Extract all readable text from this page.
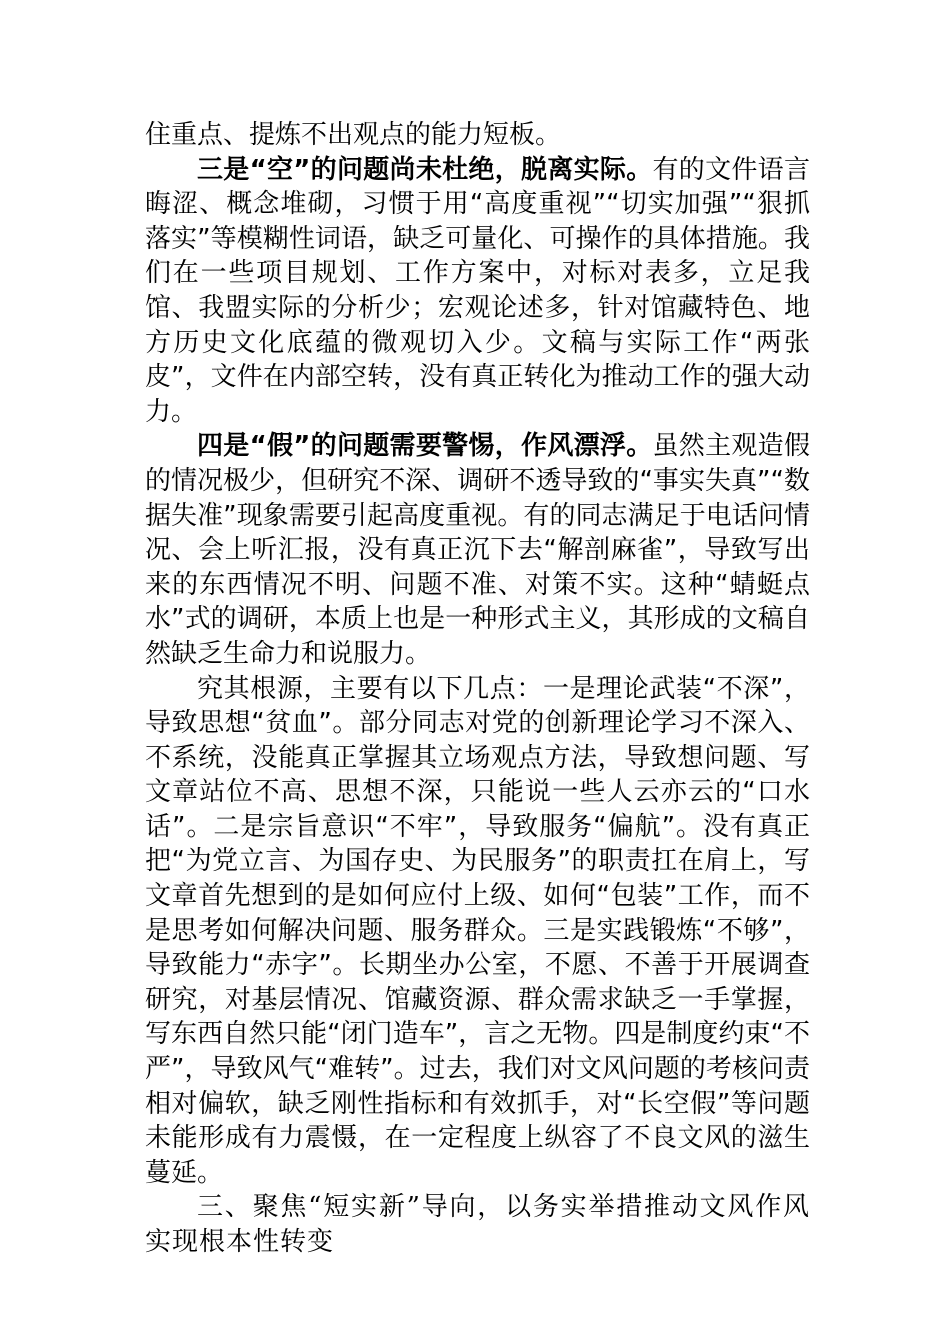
住重点、提炼不出观点的能力短板。

三是“空”的问题尚未杜绝，脱离实际。有的文件语言晦涩、概念堆砌，习惯于用“高度重视”“切实加强”“狠抓落实”等模糊性词语，缺乏可量化、可操作的具体措施。我们在一些项目规划、工作方案中，对标对表多，立足我馆、我盟实际的分析少；宏观论述多，针对馆藏特色、地方历史文化底蕴的微观切入少。文稿与实际工作“两张皮”，文件在内部空转，没有真正转化为推动工作的强大动力。

四是“假”的问题需要警惕，作风漂浮。虽然主观造假的情况极少，但研究不深、调研不透导致的“事实失真”“数据失准”现象需要引起高度重视。有的同志满足于电话问情况、会上听汇报，没有真正沉下去“解剖麻雀”，导致写出来的东西情况不明、问题不准、对策不实。这种“蜻蜓点水”式的调研，本质上也是一种形式主义，其形成的文稿自然缺乏生命力和说服力。

究其根源，主要有以下几点：一是理论武装“不深”，导致思想“贫血”。部分同志对党的创新理论学习不深入、不系统，没能真正掌握其立场观点方法，导致想问题、写文章站位不高、思想不深，只能说一些人云亦云的“口水话”。二是宗旨意识“不牢”，导致服务“偏航”。没有真正把“为党立言、为国存史、为民服务”的职责扛在肩上，写文章首先想到的是如何应付上级、如何“包装”工作，而不是思考如何解决问题、服务群众。三是实践锻炼“不够”，导致能力“赤字”。长期坐办公室，不愿、不善于开展调查研究，对基层情况、馆藏资源、群众需求缺乏一手掌握，写东西自然只能“闭门造车”，言之无物。四是制度约束“不严”，导致风气“难转”。过去，我们对文风问题的考核问责相对偏软，缺乏刚性指标和有效抓手，对“长空假”等问题未能形成有力震慑，在一定程度上纵容了不良文风的滋生蔓延。

三、聚焦“短实新”导向，以务实举措推动文风作风实现根本性转变
